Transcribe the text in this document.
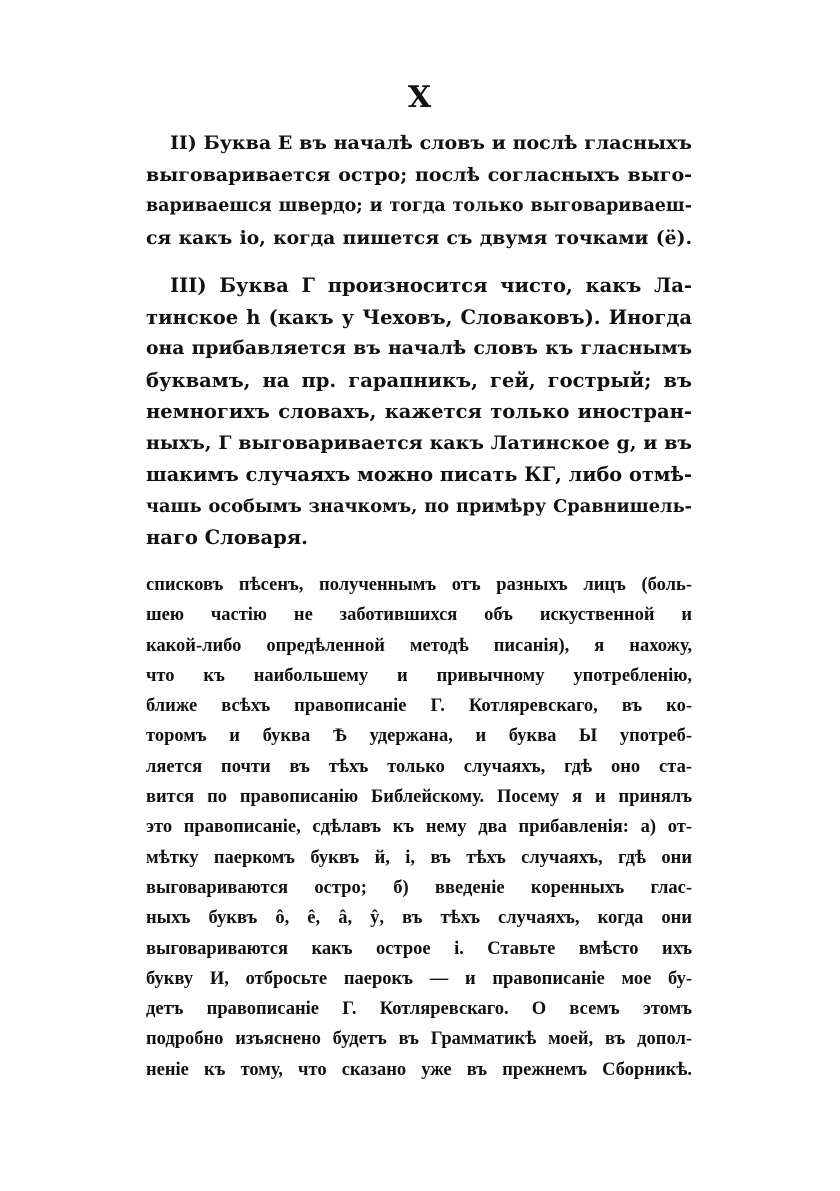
X
II) Буква Е въ началѣ словъ и послѣ гласныхъ
выговаривается остро; послѣ согласныхъ выго-
вариваешся швердо; и тогда только выговариваеш-
ся какъ іо, когда пишется съ двумя точками (ё).
III) Буква Г произносится чисто, какъ Ла-
тинское h (какъ у Чеховъ, Словаковъ). Иногда
она прибавляется въ началѣ словъ къ гласнымъ
буквамъ, на пр. гарапникъ, гей, гострый; въ
немногихъ словахъ, кажется только иностран-
ныхъ, Г выговаривается какъ Латинское g, и въ
шакимъ случаяхъ можно писать КГ, либо отмѣ-
чашь особымъ значкомъ, по примѣру Сравнишель-
наго Словаря.
списковъ пѣсенъ, полученнымъ отъ разныхъ лицъ (боль-
шею частію не заботившихся объ искуственной и
какой-либо опредѣленной методѣ писанія), я нахожу,
что къ наибольшему и привычному употребленію,
ближе всѣхъ правописаніе Г. Котляревскаго, въ ко-
торомъ и буква Ѣ удержана, и буква Ы употреб-
ляется почти въ тѣхъ только случаяхъ, гдѣ оно ста-
вится по правописанію Библейскому. Посему я и принялъ
это правописаніе, сдѣлавъ къ нему два прибавленія: а) от-
мѣтку паеркомъ буквъ й, і, въ тѣхъ случаяхъ, гдѣ они
выговариваются остро; б) введеніе коренныхъ глас-
ныхъ буквъ ô, ê, â, ŷ, въ тѣхъ случаяхъ, когда они
выговариваются какъ острое і. Ставьте вмѣсто ихъ
букву И, отбросьте паерокъ — и правописаніе мое бу-
детъ правописаніе Г. Котляревскаго. О всемъ этомъ
подробно изъяснено будетъ въ Грамматикѣ моей, въ допол-
неніе къ тому, что сказано уже въ прежнемъ Сборникѣ.
